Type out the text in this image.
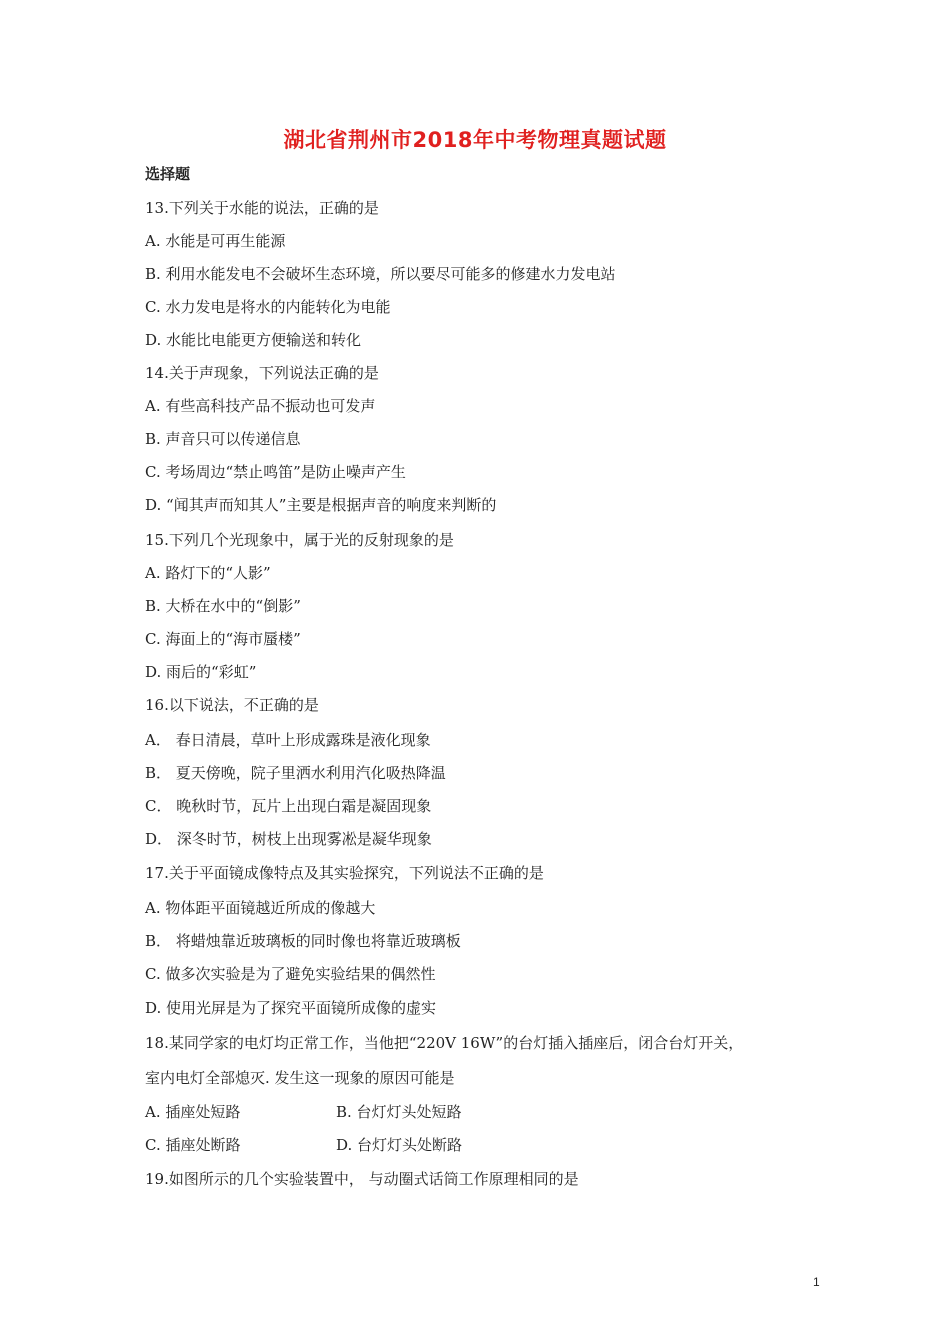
湖北省荆州市2018年中考物理真题试题
选择题
13.下列关于水能的说法，正确的是
A. 水能是可再生能源
B. 利用水能发电不会破坏生态环境，所以要尽可能多的修建水力发电站
C. 水力发电是将水的内能转化为电能
D. 水能比电能更方便输送和转化
14.关于声现象，下列说法正确的是
A. 有些高科技产品不振动也可发声
B. 声音只可以传递信息
C. 考场周边“禁止鸣笛”是防止噪声产生
D. “闻其声而知其人”主要是根据声音的响度来判断的
15.下列几个光现象中，属于光的反射现象的是
A. 路灯下的“人影”
B. 大桥在水中的“倒影”
C. 海面上的“海市蜃楼”
D. 雨后的“彩虹”
16.以下说法，不正确的是
A． 春日清晨，草叶上形成露珠是液化现象
B． 夏天傍晚，院子里洒水利用汽化吸热降温
C． 晚秋时节，瓦片上出现白霜是凝固现象
D． 深冬时节，树枝上出现雾凇是凝华现象
17.关于平面镜成像特点及其实验探究，下列说法不正确的是
A. 物体距平面镜越近所成的像越大
B． 将蜡烛靠近玻璃板的同时像也将靠近玻璃板
C. 做多次实验是为了避免实验结果的偶然性
D. 使用光屏是为了探究平面镜所成像的虚实
18.某同学家的电灯均正常工作，当他把“220V 16W”的台灯插入插座后，闭合台灯开关，
室内电灯全部熄灭. 发生这一现象的原因可能是
A. 插座处短路	B. 台灯灯头处短路
C. 插座处断路	D. 台灯灯头处断路
19.如图所示的几个实验装置中， 与动圈式话筒工作原理相同的是
1
